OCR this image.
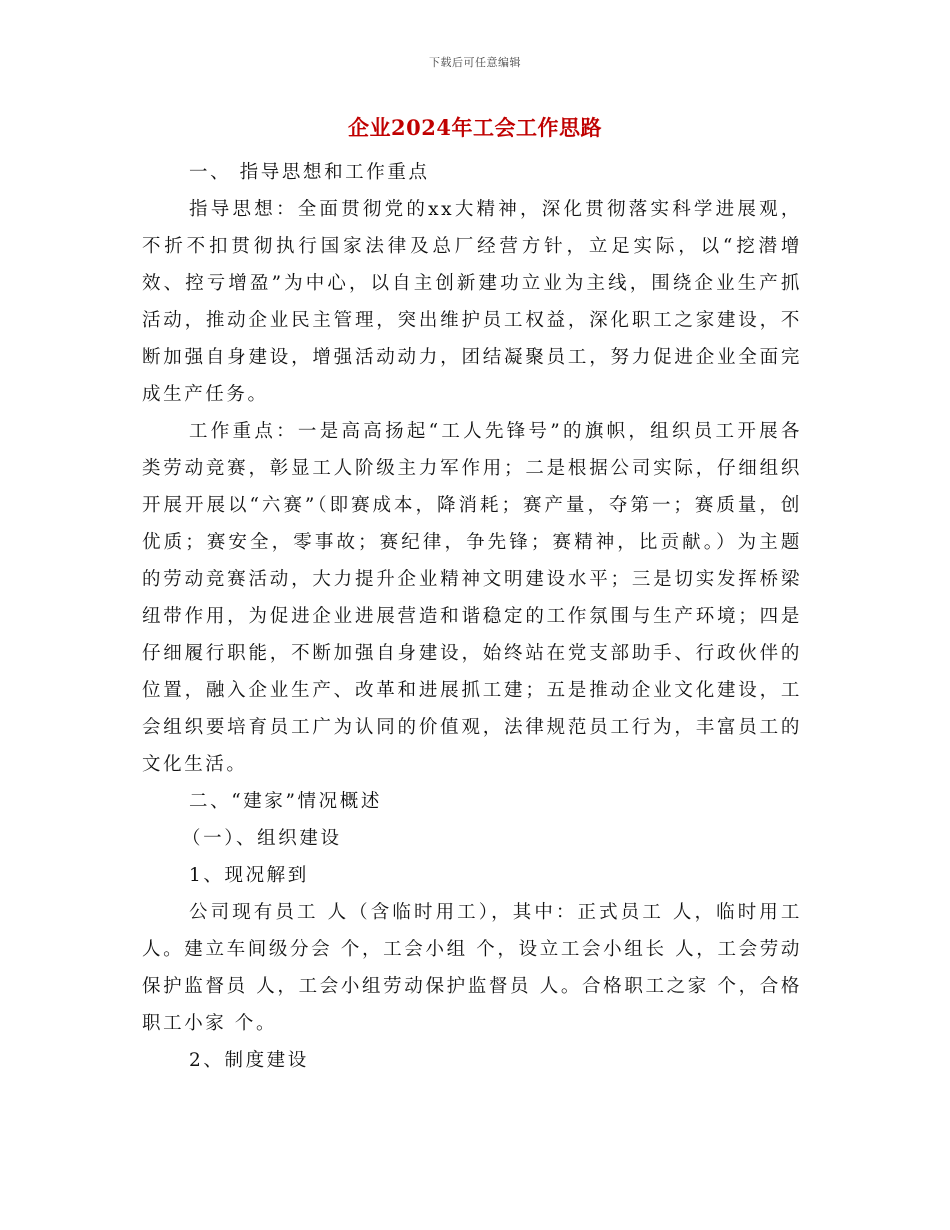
下载后可任意编辑
企业2024年工会工作思路

一、 指导思想和工作重点

指导思想：全面贯彻党的xx大精神，深化贯彻落实科学进展观，不折不扣贯彻执行国家法律及总厂经营方针，立足实际，以“挖潜增效、控亏增盈”为中心，以自主创新建功立业为主线，围绕企业生产抓活动，推动企业民主管理，突出维护员工权益，深化职工之家建设，不断加强自身建设，增强活动动力，团结凝聚员工，努力促进企业全面完成生产任务。

工作重点：一是高高扬起“工人先锋号”的旗帜，组织员工开展各类劳动竞赛，彰显工人阶级主力军作用；二是根据公司实际，仔细组织开展开展以“六赛”（即赛成本，降消耗；赛产量，夺第一；赛质量，创优质；赛安全，零事故；赛纪律，争先锋；赛精神，比贡献。）为主题的劳动竞赛活动，大力提升企业精神文明建设水平；三是切实发挥桥梁纽带作用，为促进企业进展营造和谐稳定的工作氛围与生产环境；四是仔细履行职能，不断加强自身建设，始终站在党支部助手、行政伙伴的位置，融入企业生产、改革和进展抓工建；五是推动企业文化建设，工会组织要培育员工广为认同的价值观，法律规范员工行为，丰富员工的文化生活。

二、“建家”情况概述

（一）、组织建设

1、现况解到

公司现有员工 人（含临时用工），其中：正式员工 人，临时用工 人。建立车间级分会 个，工会小组 个，设立工会小组长 人，工会劳动保护监督员 人，工会小组劳动保护监督员 人。合格职工之家 个，合格职工小家 个。

2、制度建设
